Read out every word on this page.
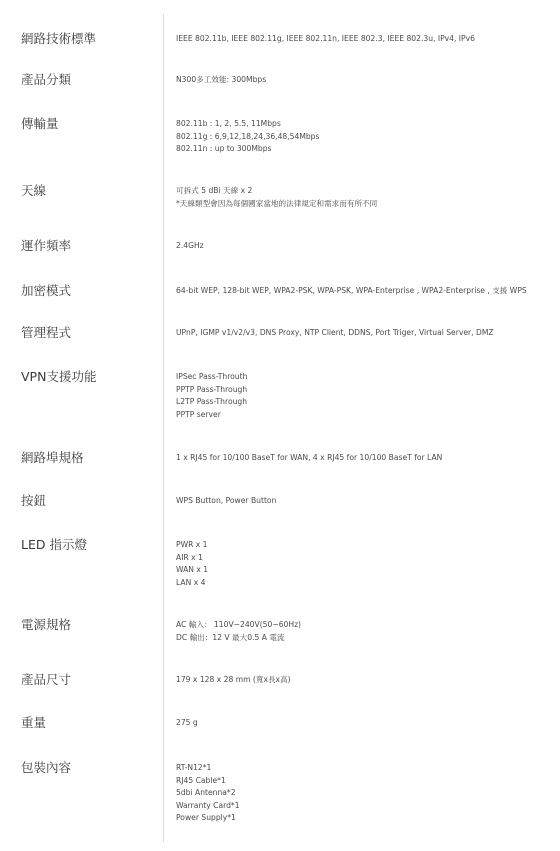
網路技術標準	IEEE 802.11b, IEEE 802.11g, IEEE 802.11n, IEEE 802.3, IEEE 802.3u, IPv4, IPv6
產品分類	N300多工效能: 300Mbps
傳輸量	802.11b : 1, 2, 5.5, 11Mbps
802.11g : 6,9,12,18,24,36,48,54Mbps
802.11n : up to 300Mbps
天線	可拆式 5 dBi 天線 x 2
*天線類型會因為每個國家當地的法律規定和需求而有所不同
運作頻率	2.4GHz
加密模式	64-bit WEP, 128-bit WEP, WPA2-PSK, WPA-PSK, WPA-Enterprise , WPA2-Enterprise , 支援 WPS
管理程式	UPnP, IGMP v1/v2/v3, DNS Proxy, NTP Client, DDNS, Port Triger, Virtual Server, DMZ
VPN支援功能	IPSec Pass-Throuth
PPTP Pass-Through
L2TP Pass-Through
PPTP server
網路埠規格	1 x RJ45 for 10/100 BaseT for WAN, 4 x RJ45 for 10/100 BaseT for LAN
按鈕	WPS Button, Power Button
LED 指示燈	PWR x 1
AIR x 1
WAN x 1
LAN x 4
電源規格	AC 輸入： 110V~240V(50~60Hz)
DC 輸出：12 V 最大0.5 A 電流
產品尺寸	179 x 128 x 28 mm (寬x長x高)
重量	275 g
包裝內容	RT-N12*1
RJ45 Cable*1
5dbi Antenna*2
Warranty Card*1
Power Supply*1
